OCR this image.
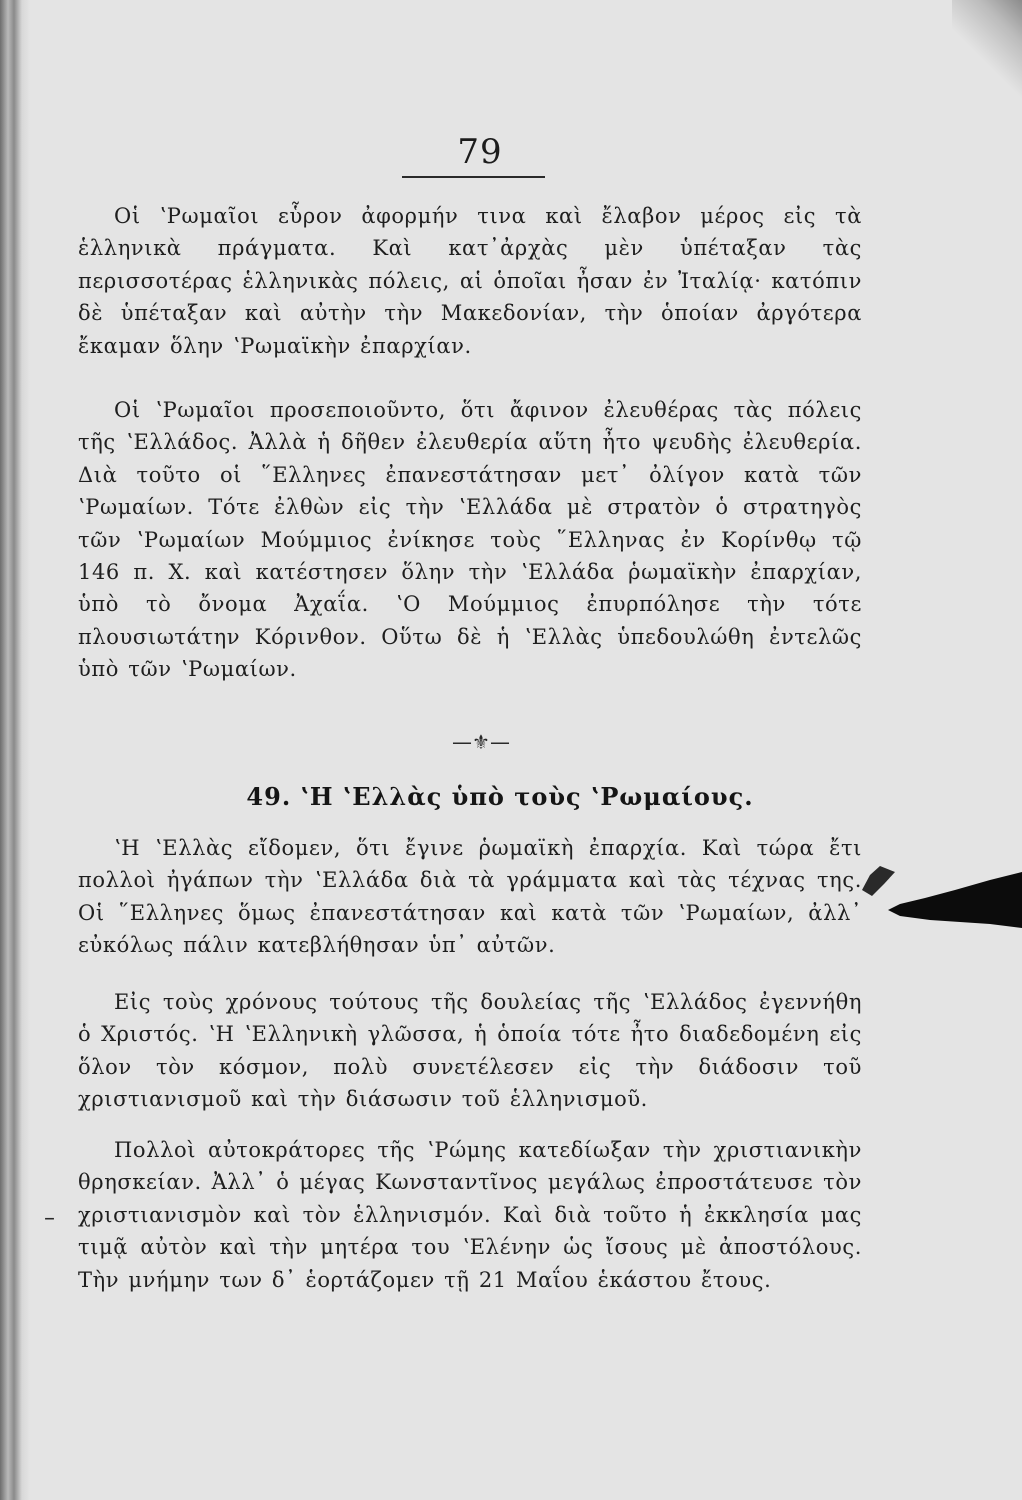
79
Οἱ ʽΡωμαῖοι εὗρον ἀφορμήν τινα καὶ ἔλαβον μέρος εἰς τὰ ἑλληνικὰ πράγματα. Καὶ κατ᾽ἀρχὰς μὲν ὑπέταξαν τὰς περισσοτέρας ἑλληνικὰς πόλεις, αἱ ὁποῖαι ἦσαν ἐν Ἰταλίᾳ· κατόπιν δὲ ὑπέταξαν καὶ αὐτὴν τὴν Μακεδονίαν, τὴν ὁποίαν ἀργότερα ἔκαμαν ὅλην ʽΡωμαϊκὴν ἐπαρχίαν.
Οἱ ʽΡωμαῖοι προσεποιοῦντο, ὅτι ἄφινον ἐλευθέρας τὰς πόλεις τῆς ʽΕλλάδος. Ἀλλὰ ἡ δῆθεν ἐλευθερία αὕτη ἦτο ψευδὴς ἐλευθερία. Διὰ τοῦτο οἱ ῞Ελληνες ἐπανεστάτησαν μετ᾽ ὀλίγον κατὰ τῶν ʽΡωμαίων. Τότε ἐλθὼν εἰς τὴν ʽΕλλάδα μὲ στρατὸν ὁ στρατηγὸς τῶν ʽΡωμαίων Μούμμιος ἐνίκησε τοὺς ῞Ελληνας ἐν Κορίνθῳ τῷ 146 π. Χ. καὶ κατέστησεν ὅλην τὴν ʽΕλλάδα ῥωμαϊκὴν ἐπαρχίαν, ὑπὸ τὸ ὄνομα Ἀχαΐα. ʽΟ Μούμμιος ἐπυρπόλησε τὴν τότε πλουσιωτάτην Κόρινθον. Οὕτω δὲ ἡ ʽΕλλὰς ὑπεδουλώθη ἐντελῶς ὑπὸ τῶν ʽΡωμαίων.
—⚜—
49. ʽΗ ʽΕλλὰς ὑπὸ τοὺς ʽΡωμαίους.
ʽΗ ʽΕλλὰς εἴδομεν, ὅτι ἔγινε ῥωμαϊκὴ ἐπαρχία. Καὶ τώρα ἔτι πολλοὶ ἠγάπων τὴν ʽΕλλάδα διὰ τὰ γράμματα καὶ τὰς τέχνας της. Οἱ ῞Ελληνες ὅμως ἐπανεστάτησαν καὶ κατὰ τῶν ʽΡωμαίων, ἀλλ᾽ εὐκόλως πάλιν κατεβλήθησαν ὑπ᾽ αὐτῶν.
Εἰς τοὺς χρόνους τούτους τῆς δουλείας τῆς ʽΕλλάδος ἐγεννήθη ὁ Χριστός. ʽΗ ʽΕλληνικὴ γλῶσσα, ἡ ὁποία τότε ἦτο διαδεδομένη εἰς ὅλον τὸν κόσμον, πολὺ συνετέλεσεν εἰς τὴν διάδοσιν τοῦ χριστιανισμοῦ καὶ τὴν διάσωσιν τοῦ ἑλληνισμοῦ.
Πολλοὶ αὐτοκράτορες τῆς ʽΡώμης κατεδίωξαν τὴν χριστιανικὴν θρησκείαν. Ἀλλ᾽ ὁ μέγας Κωνσταντῖνος μεγάλως ἐπροστάτευσε τὸν χριστιανισμὸν καὶ τὸν ἑλληνισμόν. Καὶ διὰ τοῦτο ἡ ἐκκλησία μας τιμᾷ αὐτὸν καὶ τὴν μητέρα του ʽΕλένην ὡς ἴσους μὲ ἀποστόλους. Τὴν μνήμην των δ᾽ ἑορτάζομεν τῇ 21 Μαΐου ἑκάστου ἔτους.
–
